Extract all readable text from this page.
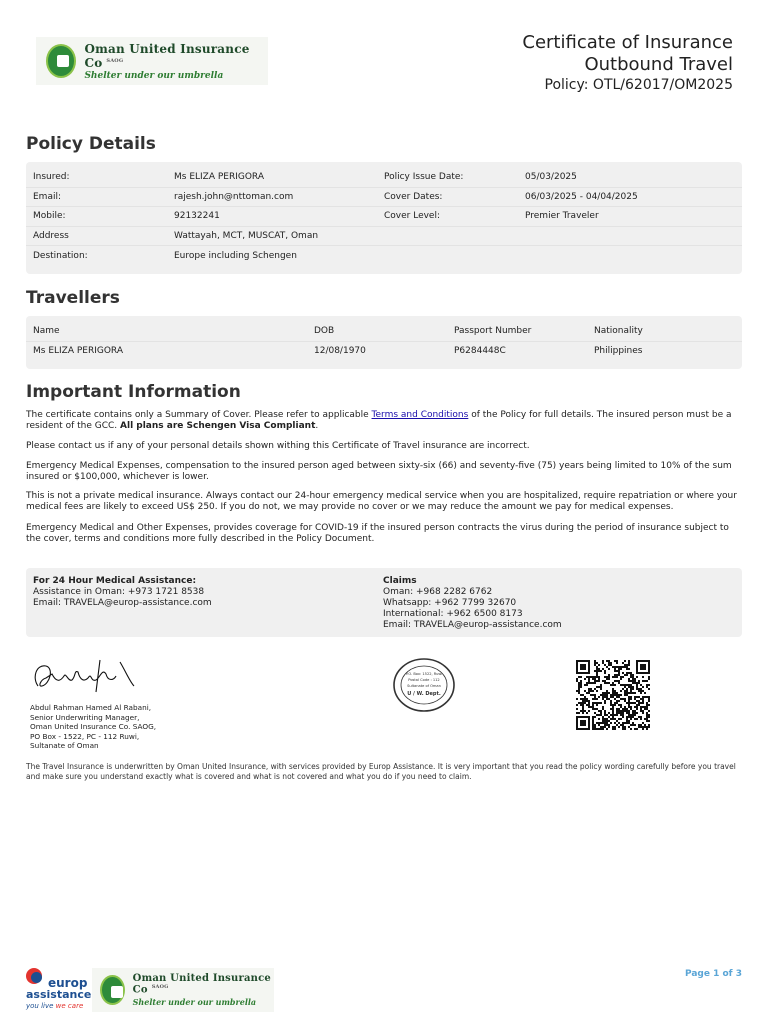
Oman United Insurance Co $^{SAOG}$
Shelter under our umbrella
Certificate of Insurance
Outbound Travel
Policy: OTL/62017/OM2025
Policy Details
Insured:	Ms ELIZA PERIGORA	Policy Issue Date:	05/03/2025
Email:	rajesh.john@nttoman.com	Cover Dates:	06/03/2025 - 04/04/2025
Mobile:	92132241	Cover Level:	Premier Traveler
Address	Wattayah, MCT, MUSCAT, Oman
Destination:	Europe including Schengen
Travellers
Name	DOB	Passport Number	Nationality
Ms ELIZA PERIGORA	12/08/1970	P6284448C	Philippines
Important Information
The certificate contains only a Summary of Cover. Please refer to applicable Terms and Conditions of the Policy for full details. The insured person must be a resident of the GCC. All plans are Schengen Visa Compliant.
Please contact us if any of your personal details shown withing this Certificate of Travel insurance are incorrect.
Emergency Medical Expenses, compensation to the insured person aged between sixty-six (66) and seventy-five (75) years being limited to 10% of the sum insured or $100,000, whichever is lower.
This is not a private medical insurance. Always contact our 24-hour emergency medical service when you are hospitalized, require repatriation or where your medical fees are likely to exceed US$ 250. If you do not, we may provide no cover or we may reduce the amount we pay for medical expenses.
Emergency Medical and Other Expenses, provides coverage for COVID-19 if the insured person contracts the virus during the period of insurance subject to the cover, terms and conditions more fully described in the Policy Document.
For 24 Hour Medical Assistance:
Assistance in Oman: +973 1721 8538
Email: TRAVELA@europ-assistance.com
Claims
Oman: +968 2282 6762
Whatsapp: +962 7799 32670
International: +962 6500 8173
Email: TRAVELA@europ-assistance.com
Abdul Rahman Hamed Al Rabani,
Senior Underwriting Manager,
Oman United Insurance Co. SAOG,
PO Box - 1522, PC - 112 Ruwi,
Sultanate of Oman
P.O. Box: 1522, Ruwi
Postal Code : 112
Sultanate of Oman
U / W. Dept.
The Travel Insurance is underwritten by Oman United Insurance, with services provided by Europ Assistance. It is very important that you read the policy wording carefully before you travel and make sure you understand exactly what is covered and what is not covered and what you do if you need to claim.
europ
assistance
you live we care
Oman United Insurance Co $^{SAOG}$
Shelter under our umbrella
Page 1 of 3
